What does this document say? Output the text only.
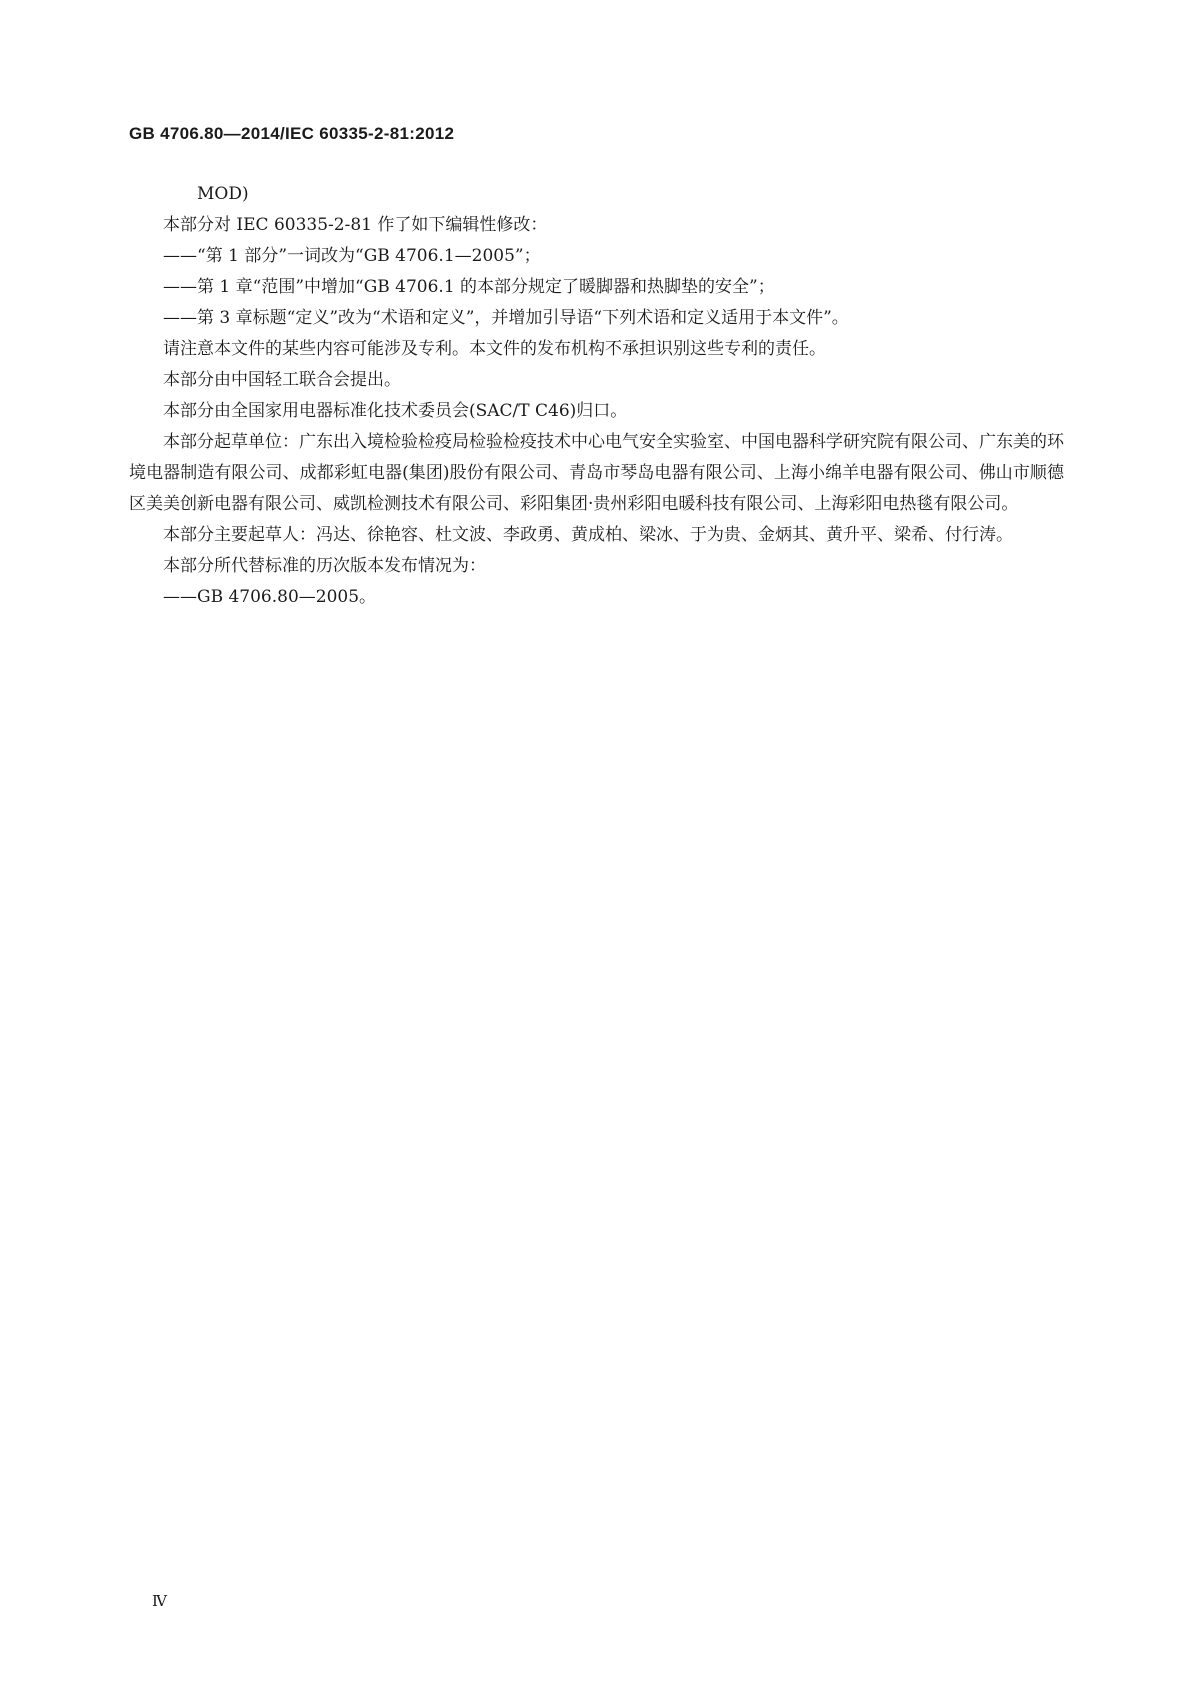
GB 4706.80—2014/IEC 60335-2-81:2012

MOD)

本部分对 IEC 60335-2-81 作了如下编辑性修改：

——“第 1 部分”一词改为“GB 4706.1—2005”；

——第 1 章“范围”中增加“GB 4706.1 的本部分规定了暖脚器和热脚垫的安全”；

——第 3 章标题“定义”改为“术语和定义”，并增加引导语“下列术语和定义适用于本文件”。

请注意本文件的某些内容可能涉及专利。本文件的发布机构不承担识别这些专利的责任。

本部分由中国轻工联合会提出。

本部分由全国家用电器标准化技术委员会(SAC/T C46)归口。

本部分起草单位：广东出入境检验检疫局检验检疫技术中心电气安全实验室、中国电器科学研究院有限公司、广东美的环境电器制造有限公司、成都彩虹电器(集团)股份有限公司、青岛市琴岛电器有限公司、上海小绵羊电器有限公司、佛山市顺德区美美创新电器有限公司、威凯检测技术有限公司、彩阳集团·贵州彩阳电暖科技有限公司、上海彩阳电热毯有限公司。

本部分主要起草人：冯达、徐艳容、杜文波、李政勇、黄成柏、梁冰、于为贵、金炳其、黄升平、梁希、付行涛。

本部分所代替标准的历次版本发布情况为：

——GB 4706.80—2005。

Ⅳ
